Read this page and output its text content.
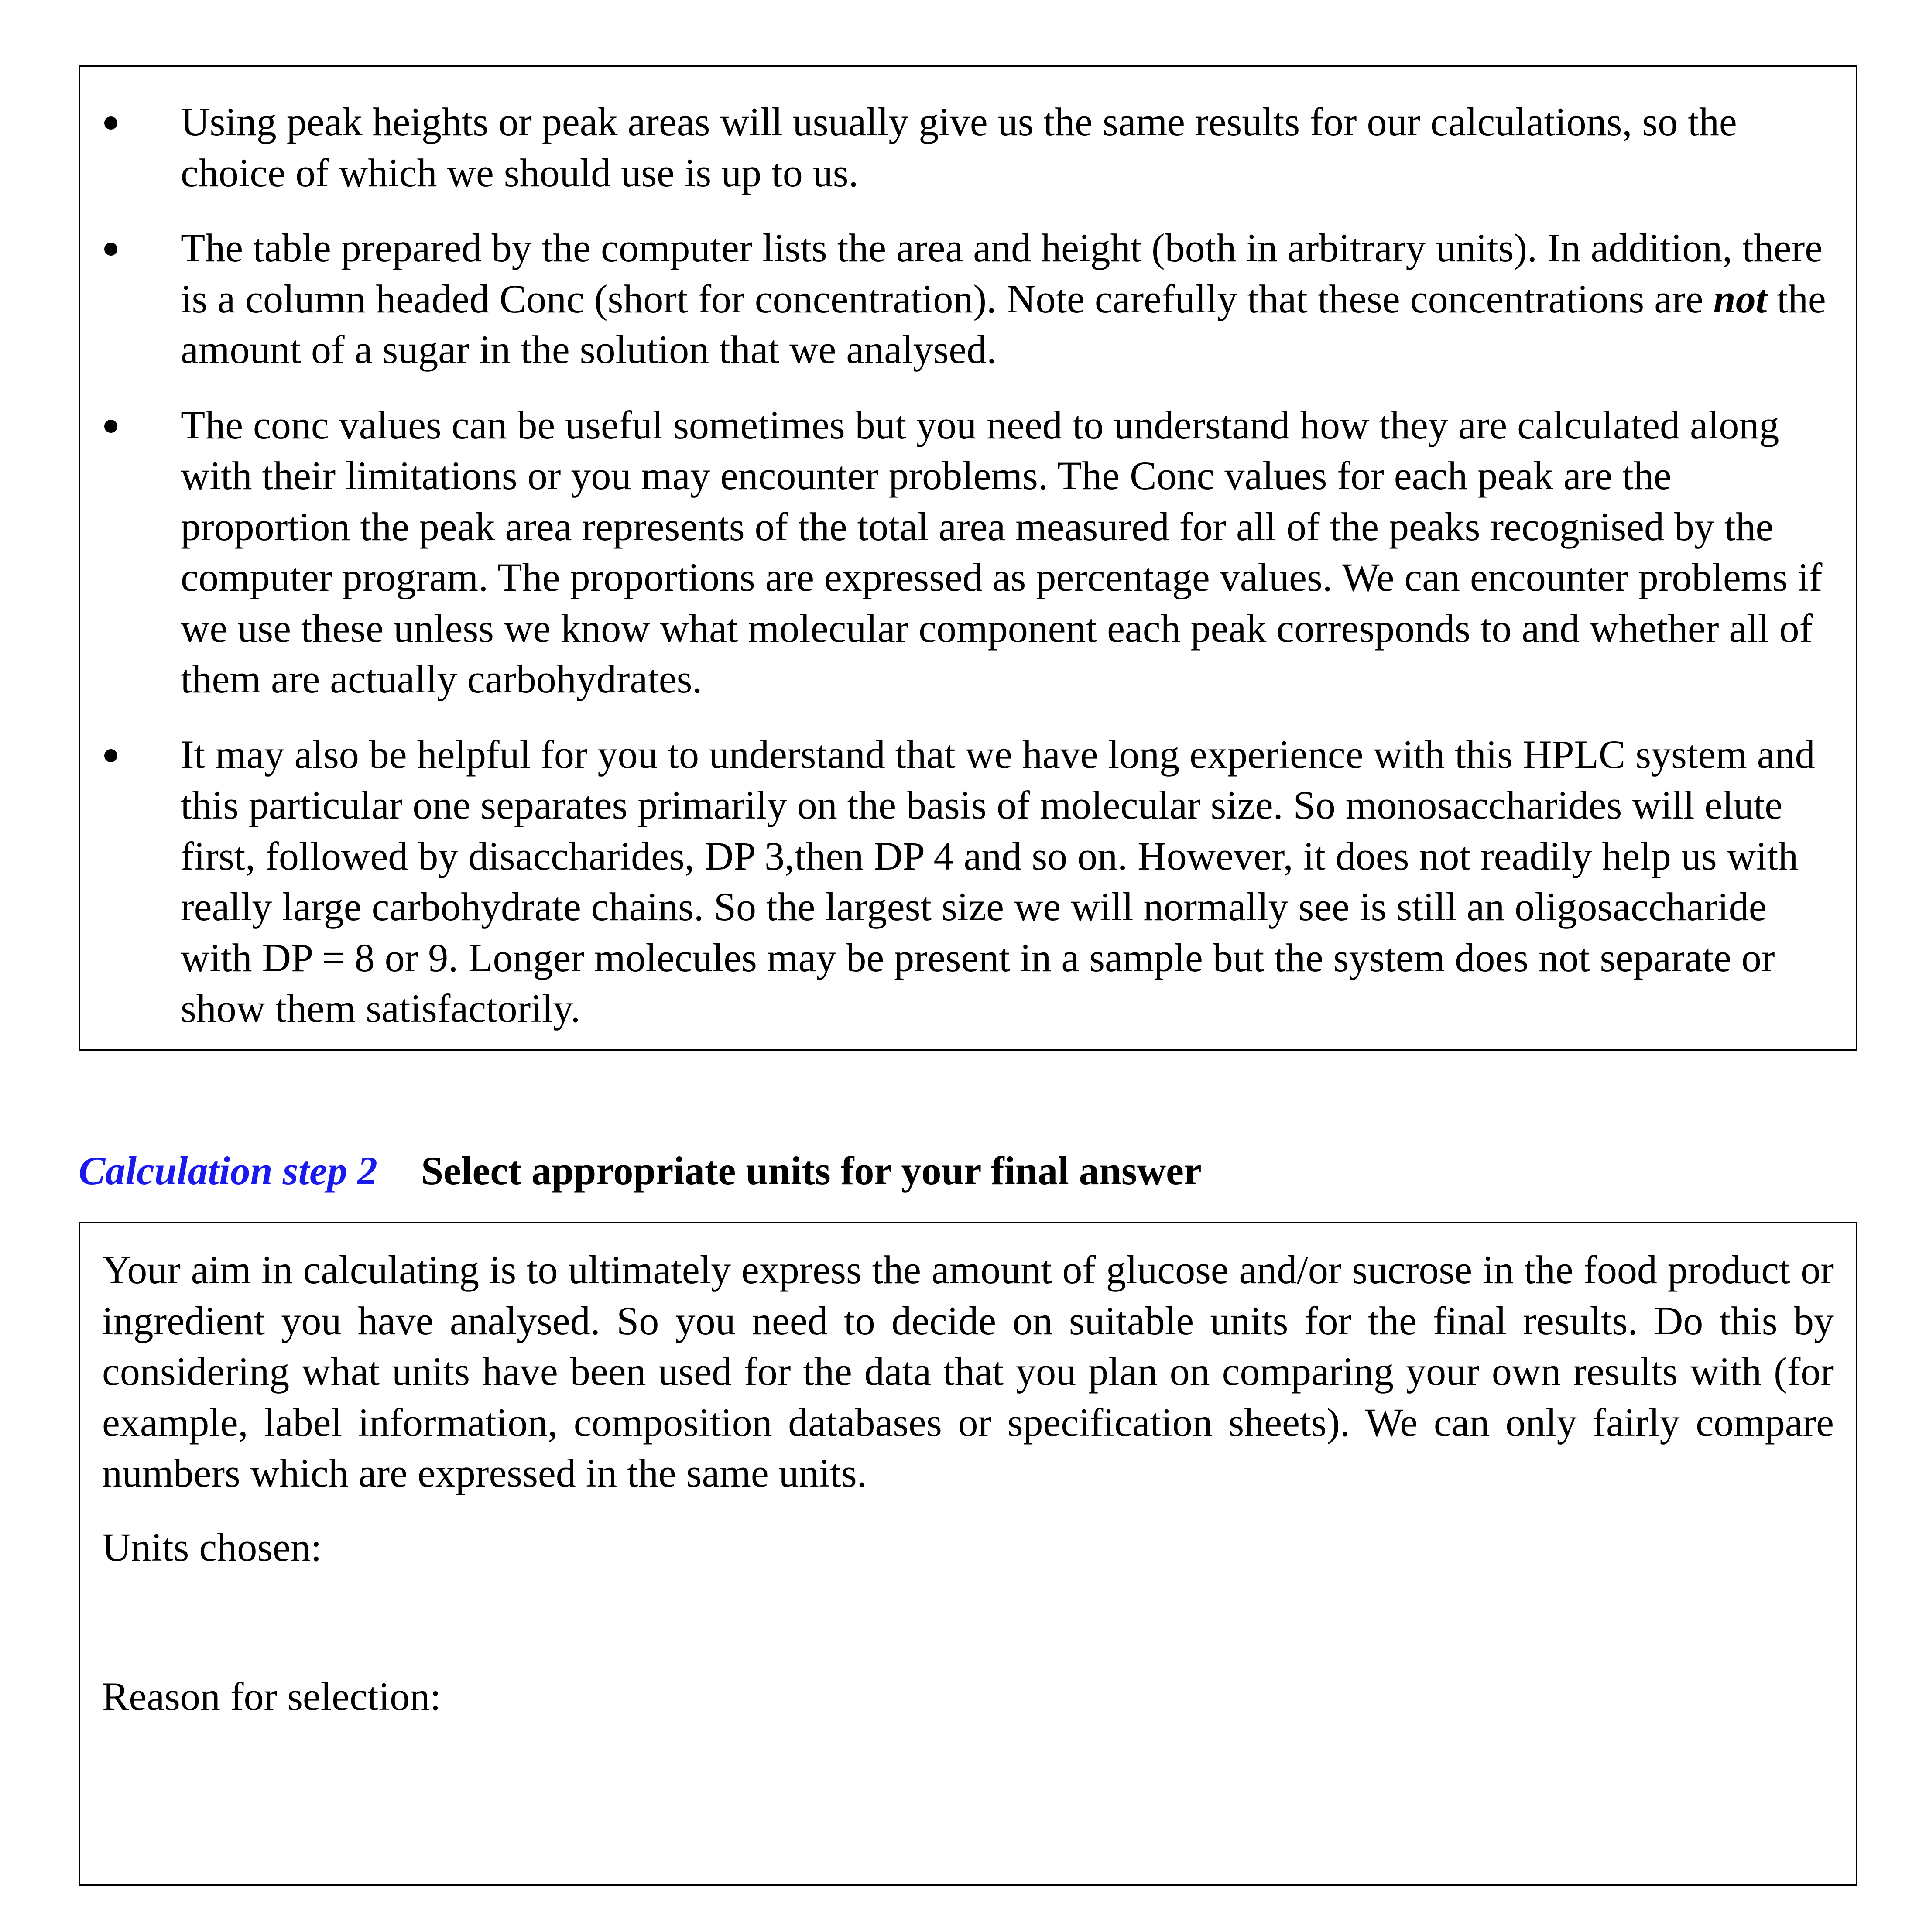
Using peak heights or peak areas will usually give us the same results for our calculations, so the choice of which we should use is up to us.
The table prepared by the computer lists the area and height (both in arbitrary units). In addition, there is a column headed Conc (short for concentration). Note carefully that these concentrations are not the amount of a sugar in the solution that we analysed.
The conc values can be useful sometimes but you need to understand how they are calculated along with their limitations or you may encounter problems. The Conc values for each peak are the proportion the peak area represents of the total area measured for all of the peaks recognised by the computer program. The proportions are expressed as percentage values. We can encounter problems if we use these unless we know what molecular component each peak corresponds to and whether all of them are actually carbohydrates.
It may also be helpful for you to understand that we have long experience with this HPLC system and this particular one separates primarily on the basis of molecular size. So monosaccharides will elute first, followed by disaccharides, DP 3,then DP 4 and so on. However, it does not readily help us with really large carbohydrate chains. So the largest size we will normally see is still an oligosaccharide with DP = 8 or 9. Longer molecules may be present in a sample but the system does not separate or show them satisfactorily.
Calculation step 2 Select appropriate units for your final answer
Your aim in calculating is to ultimately express the amount of glucose and/or sucrose in the food product or ingredient you have analysed. So you need to decide on suitable units for the final results. Do this by considering what units have been used for the data that you plan on comparing your own results with (for example, label information, composition databases or specification sheets). We can only fairly compare numbers which are expressed in the same units.
Units chosen:
Reason for selection:
